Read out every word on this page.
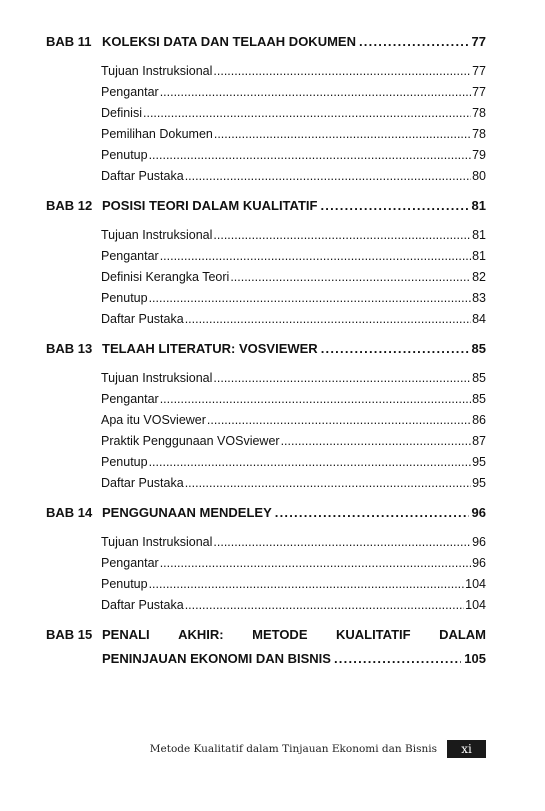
BAB 11 KOLEKSI DATA DAN TELAAH DOKUMEN . . .	77
Tujuan Instruksional .....	77
Pengantar .....	77
Definisi .....	78
Pemilihan Dokumen .....	78
Penutup .....	79
Daftar Pustaka .....	80
BAB 12 POSISI TEORI DALAM KUALITATIF . . .	81
Tujuan Instruksional .....	81
Pengantar .....	81
Definisi Kerangka Teori .....	82
Penutup .....	83
Daftar Pustaka .....	84
BAB 13 TELAAH LITERATUR: VOSVIEWER . . .	85
Tujuan Instruksional .....	85
Pengantar .....	85
Apa itu VOSviewer .....	86
Praktik Penggunaan VOSviewer .....	87
Penutup .....	95
Daftar Pustaka .....	95
BAB 14 PENGGUNAAN MENDELEY . . .	96
Tujuan Instruksional .....	96
Pengantar .....	96
Penutup .....	104
Daftar Pustaka .....	104
BAB 15 PENALI AKHIR: METODE KUALITATIF DALAM
PENINJAUAN EKONOMI DAN BISNIS . . .	105
Metode Kualitatif dalam Tinjauan Ekonomi dan Bisnis	xi
